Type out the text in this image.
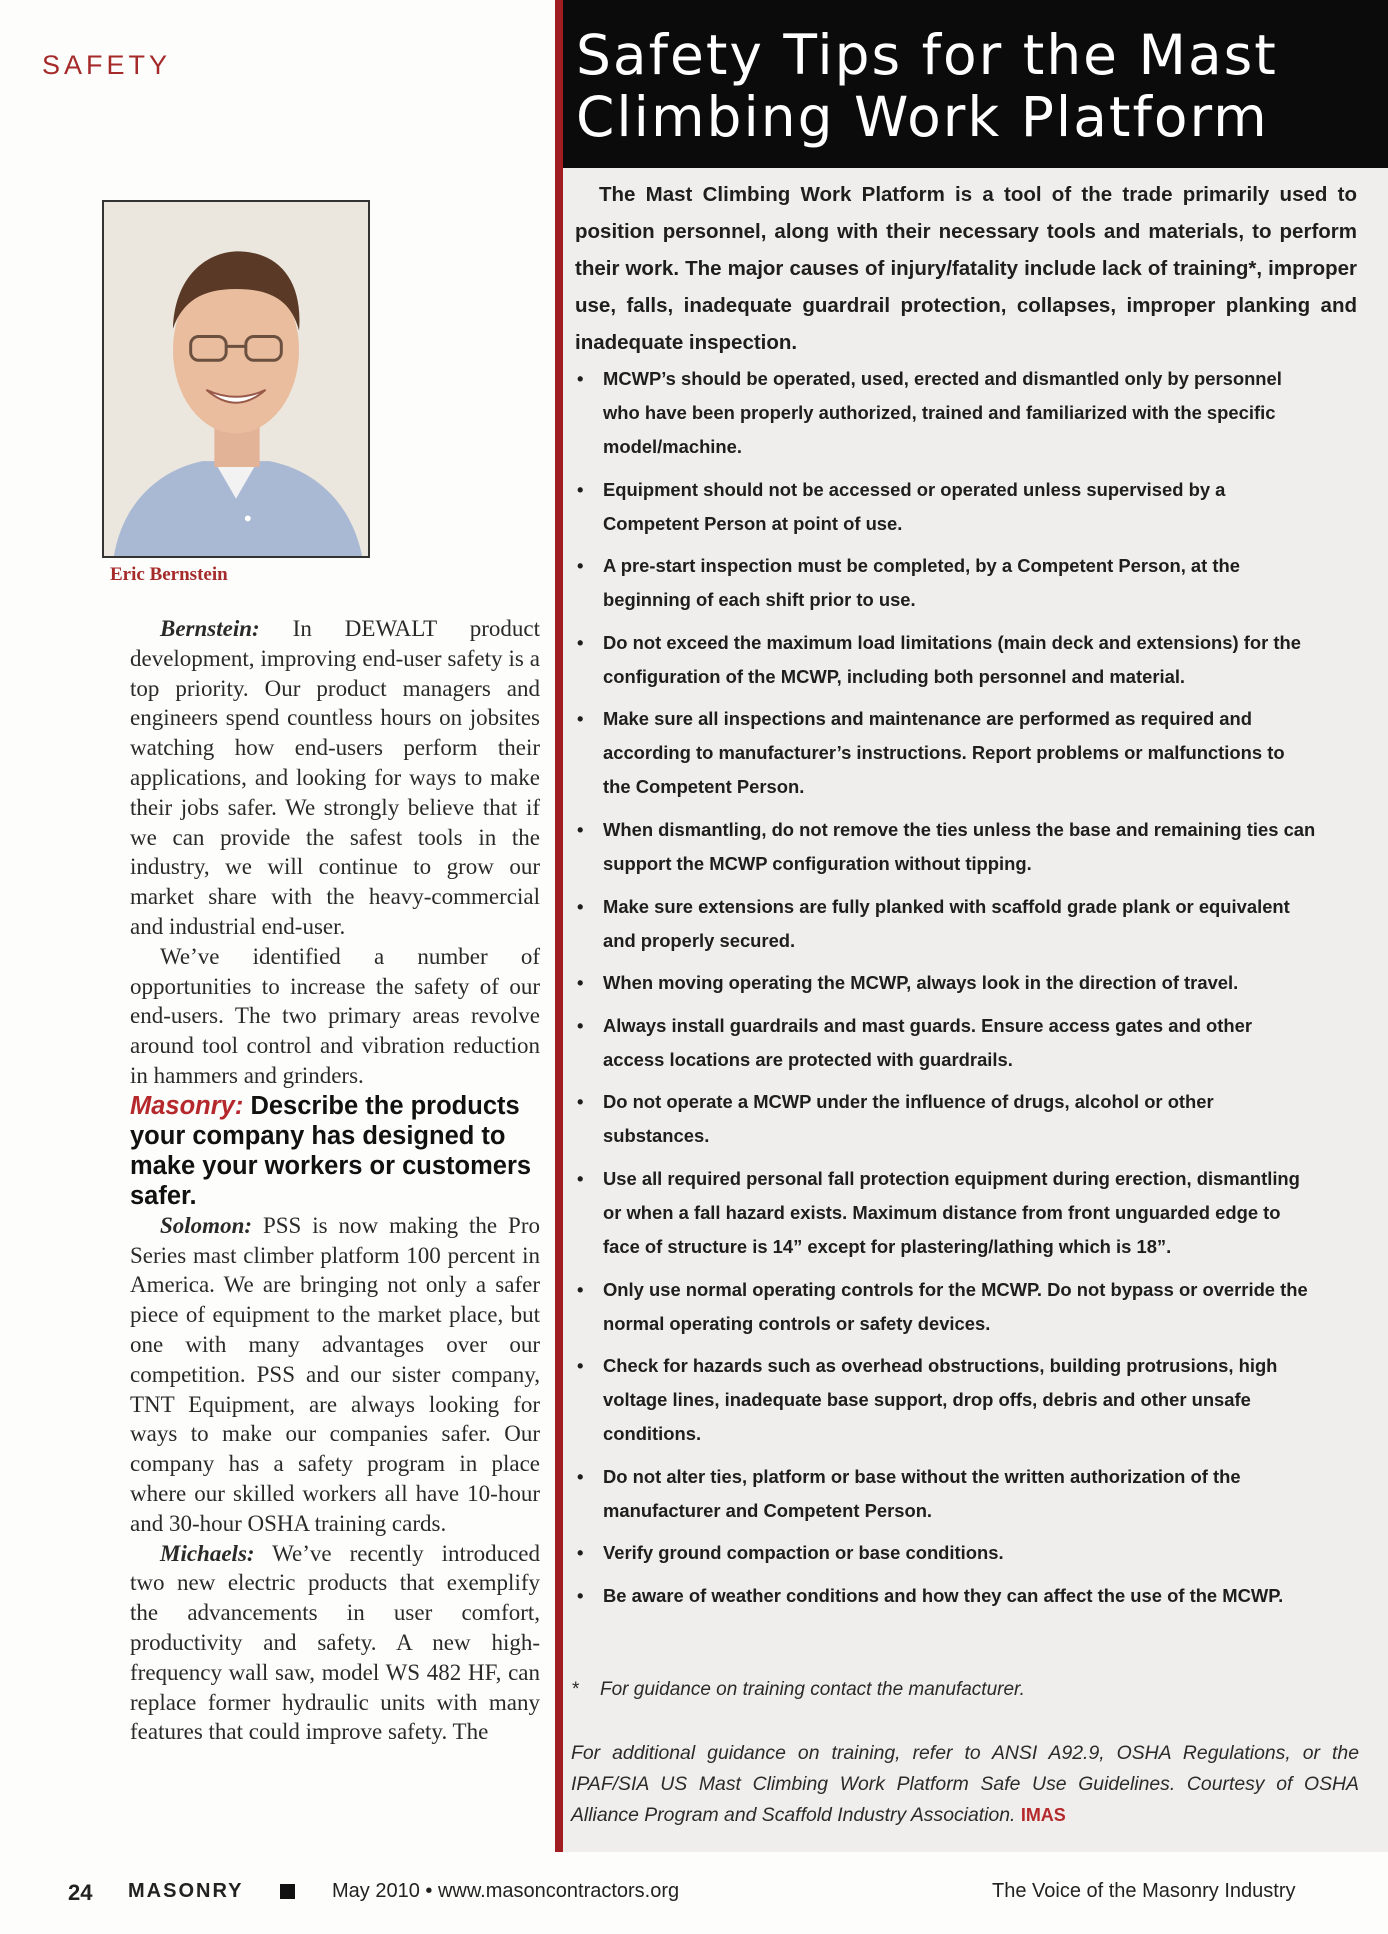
SAFETY
Eric Bernstein

Bernstein: In DEWALT product development, improving end-user safety is a top priority. Our product managers and engineers spend countless hours on jobsites watching how end-users perform their applications, and looking for ways to make their jobs safer. We strongly believe that if we can provide the safest tools in the industry, we will continue to grow our market share with the heavy-commercial and industrial end-user.

We’ve identified a number of opportunities to increase the safety of our end-users. The two primary areas revolve around tool control and vibration reduction in hammers and grinders.

Masonry: Describe the products your company has designed to make your workers or customers safer.

Solomon: PSS is now making the Pro Series mast climber platform 100 percent in America. We are bringing not only a safer piece of equipment to the market place, but one with many advantages over our competition. PSS and our sister company, TNT Equipment, are always looking for ways to make our companies safer. Our company has a safety program in place where our skilled workers all have 10-hour and 30-hour OSHA training cards.

Michaels: We’ve recently introduced two new electric products that exemplify the advancements in user comfort, productivity and safety. A new high-frequency wall saw, model WS 482 HF, can replace former hydraulic units with many features that could improve safety. The

Safety Tips for the Mast Climbing Work Platform

The Mast Climbing Work Platform is a tool of the trade primarily used to position personnel, along with their necessary tools and materials, to perform their work. The major causes of injury/fatality include lack of training*, improper use, falls, inadequate guardrail protection, collapses, improper planking and inadequate inspection.

• MCWP’s should be operated, used, erected and dismantled only by personnel who have been properly authorized, trained and familiarized with the specific model/machine.
• Equipment should not be accessed or operated unless supervised by a Competent Person at point of use.
• A pre-start inspection must be completed, by a Competent Person, at the beginning of each shift prior to use.
• Do not exceed the maximum load limitations (main deck and extensions) for the configuration of the MCWP, including both personnel and material.
• Make sure all inspections and maintenance are performed as required and according to manufacturer’s instructions. Report problems or malfunctions to the Competent Person.
• When dismantling, do not remove the ties unless the base and remaining ties can support the MCWP configuration without tipping.
• Make sure extensions are fully planked with scaffold grade plank or equivalent and properly secured.
• When moving operating the MCWP, always look in the direction of travel.
• Always install guardrails and mast guards. Ensure access gates and other access locations are protected with guardrails.
• Do not operate a MCWP under the influence of drugs, alcohol or other substances.
• Use all required personal fall protection equipment during erection, dismantling or when a fall hazard exists. Maximum distance from front unguarded edge to face of structure is 14” except for plastering/lathing which is 18”.
• Only use normal operating controls for the MCWP. Do not bypass or override the normal operating controls or safety devices.
• Check for hazards such as overhead obstructions, building protrusions, high voltage lines, inadequate base support, drop offs, debris and other unsafe conditions.
• Do not alter ties, platform or base without the written authorization of the manufacturer and Competent Person.
• Verify ground compaction or base conditions.
• Be aware of weather conditions and how they can affect the use of the MCWP.
* For guidance on training contact the manufacturer.

For additional guidance on training, refer to ANSI A92.9, OSHA Regulations, or the IPAF/SIA US Mast Climbing Work Platform Safe Use Guidelines. Courtesy of OSHA Alliance Program and Scaffold Industry Association. IMAS

24 MASONRY	May 2010 • www.masoncontractors.org	The Voice of the Masonry Industry
